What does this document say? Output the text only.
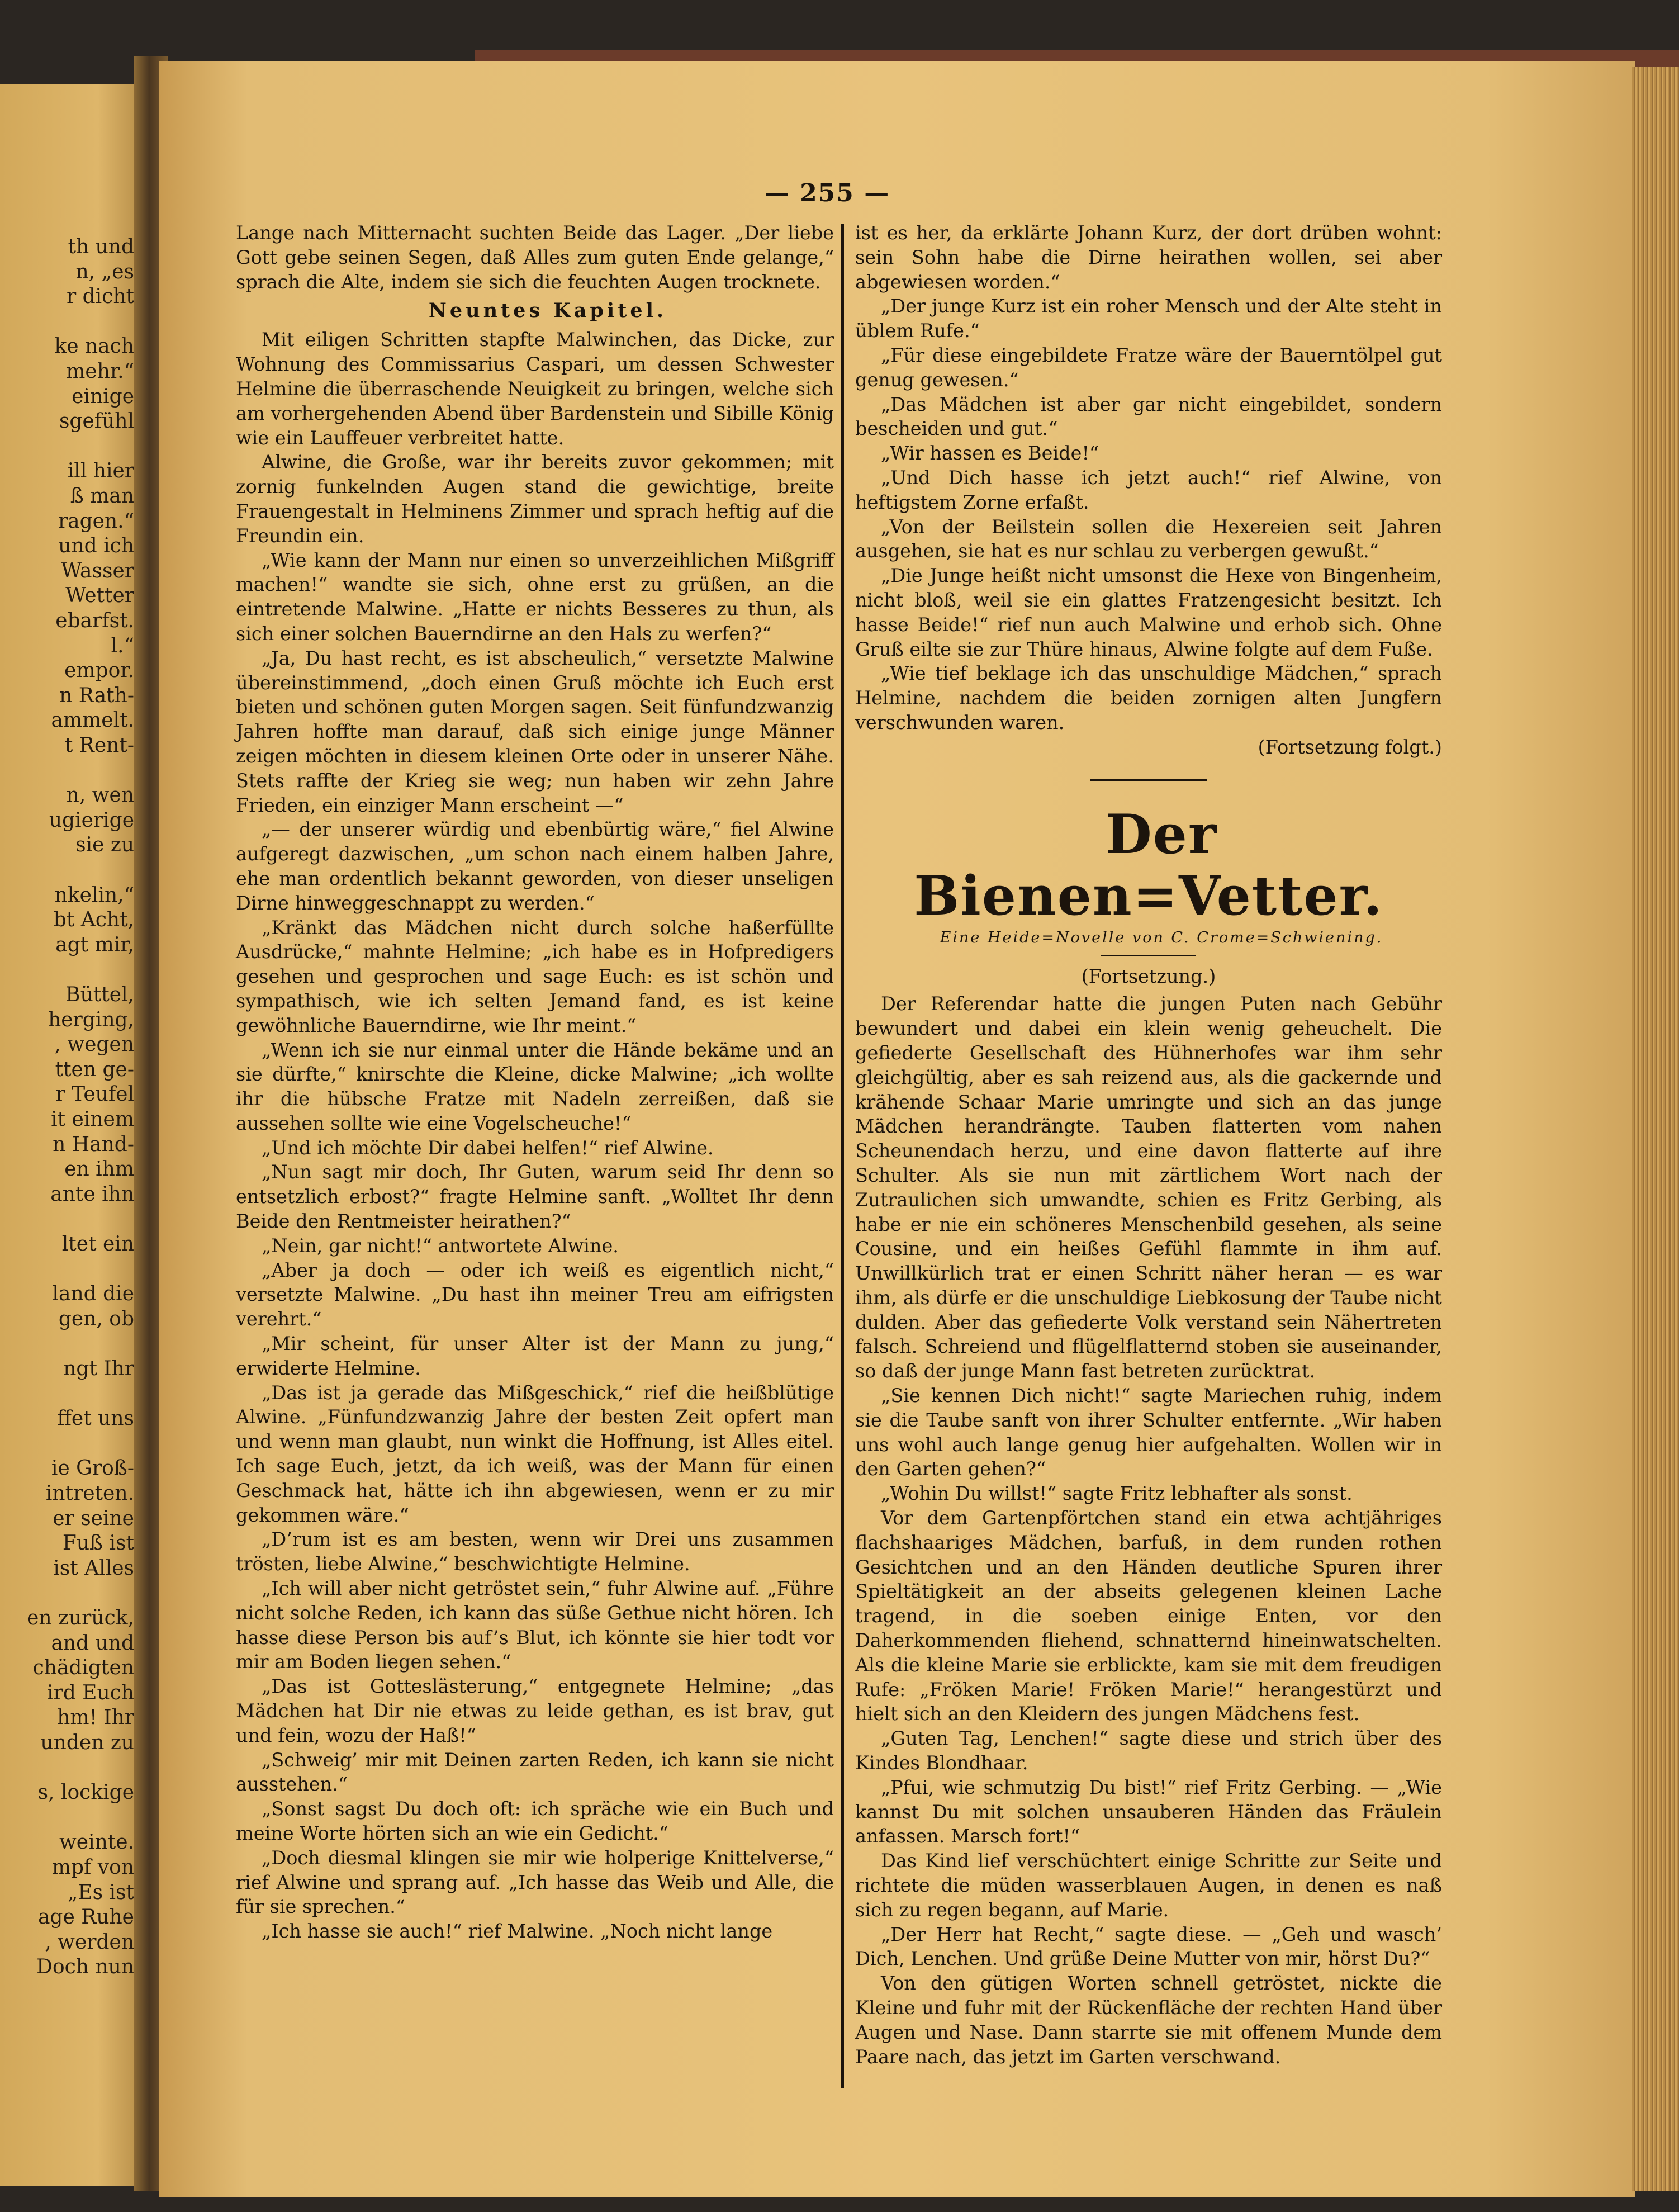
th und
n, „es
r dicht
ke nach
mehr.“
einige
sgefühl
ill hier
ß man
ragen.“
und ich
Wasser
Wetter
ebarfst.
l.“
empor.
n Rath-
ammelt.
t Rent-
n, wen
ugierige
sie zu
nkelin,“
bt Acht,
agt mir,
Büttel,
herging,
, wegen
tten ge-
r Teufel
it einem
n Hand-
en ihm
ante ihn
ltet ein
land die
gen, ob
ngt Ihr
ffet uns
ie Groß-
intreten.
er seine
Fuß ist
ist Alles
en zurück,
and und
chädigten
ird Euch
hm! Ihr
unden zu
s, lockige
weinte.
mpf von
„Es ist
age Ruhe
, werden
Doch nun
— 255 —

Lange nach Mitternacht suchten Beide das Lager. „Der liebe Gott gebe seinen Segen, daß Alles zum guten Ende gelange,“ sprach die Alte, indem sie sich die feuchten Augen trocknete.

Neuntes Kapitel.

Mit eiligen Schritten stapfte Malwinchen, das Dicke, zur Wohnung des Commissarius Caspari, um dessen Schwester Helmine die überraschende Neuigkeit zu bringen, welche sich am vorhergehenden Abend über Bardenstein und Sibille König wie ein Lauffeuer verbreitet hatte.

Alwine, die Große, war ihr bereits zuvor gekommen; mit zornig funkelnden Augen stand die gewichtige, breite Frauengestalt in Helminens Zimmer und sprach heftig auf die Freundin ein.

„Wie kann der Mann nur einen so unverzeihlichen Mißgriff machen!“ wandte sie sich, ohne erst zu grüßen, an die eintretende Malwine. „Hatte er nichts Besseres zu thun, als sich einer solchen Bauerndirne an den Hals zu werfen?“

„Ja, Du hast recht, es ist abscheulich,“ versetzte Malwine übereinstimmend, „doch einen Gruß möchte ich Euch erst bieten und schönen guten Morgen sagen. Seit fünfundzwanzig Jahren hoffte man darauf, daß sich einige junge Männer zeigen möchten in diesem kleinen Orte oder in unserer Nähe. Stets raffte der Krieg sie weg; nun haben wir zehn Jahre Frieden, ein einziger Mann erscheint —“

„— der unserer würdig und ebenbürtig wäre,“ fiel Alwine aufgeregt dazwischen, „um schon nach einem halben Jahre, ehe man ordentlich bekannt geworden, von dieser unseligen Dirne hinweggeschnappt zu werden.“

„Kränkt das Mädchen nicht durch solche haßerfüllte Ausdrücke,“ mahnte Helmine; „ich habe es in Hofpredigers gesehen und gesprochen und sage Euch: es ist schön und sympathisch, wie ich selten Jemand fand, es ist keine gewöhnliche Bauerndirne, wie Ihr meint.“

„Wenn ich sie nur einmal unter die Hände bekäme und an sie dürfte,“ knirschte die Kleine, dicke Malwine; „ich wollte ihr die hübsche Fratze mit Nadeln zerreißen, daß sie aussehen sollte wie eine Vogelscheuche!“

„Und ich möchte Dir dabei helfen!“ rief Alwine.

„Nun sagt mir doch, Ihr Guten, warum seid Ihr denn so entsetzlich erbost?“ fragte Helmine sanft. „Wolltet Ihr denn Beide den Rentmeister heirathen?“

„Nein, gar nicht!“ antwortete Alwine.

„Aber ja doch — oder ich weiß es eigentlich nicht,“ versetzte Malwine. „Du hast ihn meiner Treu am eifrigsten verehrt.“

„Mir scheint, für unser Alter ist der Mann zu jung,“ erwiderte Helmine.

„Das ist ja gerade das Mißgeschick,“ rief die heißblütige Alwine. „Fünfundzwanzig Jahre der besten Zeit opfert man und wenn man glaubt, nun winkt die Hoffnung, ist Alles eitel. Ich sage Euch, jetzt, da ich weiß, was der Mann für einen Geschmack hat, hätte ich ihn abgewiesen, wenn er zu mir gekommen wäre.“

„D’rum ist es am besten, wenn wir Drei uns zusammen trösten, liebe Alwine,“ beschwichtigte Helmine.

„Ich will aber nicht getröstet sein,“ fuhr Alwine auf. „Führe nicht solche Reden, ich kann das süße Gethue nicht hören. Ich hasse diese Person bis auf’s Blut, ich könnte sie hier todt vor mir am Boden liegen sehen.“

„Das ist Gotteslästerung,“ entgegnete Helmine; „das Mädchen hat Dir nie etwas zu leide gethan, es ist brav, gut und fein, wozu der Haß!“

„Schweig’ mir mit Deinen zarten Reden, ich kann sie nicht ausstehen.“

„Sonst sagst Du doch oft: ich spräche wie ein Buch und meine Worte hörten sich an wie ein Gedicht.“

„Doch diesmal klingen sie mir wie holperige Knittelverse,“ rief Alwine und sprang auf. „Ich hasse das Weib und Alle, die für sie sprechen.“

„Ich hasse sie auch!“ rief Malwine. „Noch nicht lange

ist es her, da erklärte Johann Kurz, der dort drüben wohnt: sein Sohn habe die Dirne heirathen wollen, sei aber abgewiesen worden.“

„Der junge Kurz ist ein roher Mensch und der Alte steht in üblem Rufe.“

„Für diese eingebildete Fratze wäre der Bauerntölpel gut genug gewesen.“

„Das Mädchen ist aber gar nicht eingebildet, sondern bescheiden und gut.“

„Wir hassen es Beide!“

„Und Dich hasse ich jetzt auch!“ rief Alwine, von heftigstem Zorne erfaßt.

„Von der Beilstein sollen die Hexereien seit Jahren ausgehen, sie hat es nur schlau zu verbergen gewußt.“

„Die Junge heißt nicht umsonst die Hexe von Bingenheim, nicht bloß, weil sie ein glattes Fratzengesicht besitzt. Ich hasse Beide!“ rief nun auch Malwine und erhob sich. Ohne Gruß eilte sie zur Thüre hinaus, Alwine folgte auf dem Fuße.

„Wie tief beklage ich das unschuldige Mädchen,“ sprach Helmine, nachdem die beiden zornigen alten Jungfern verschwunden waren.

(Fortsetzung folgt.)

Der Bienen=Vetter.

Eine Heide=Novelle von C. Crome=Schwiening.

(Fortsetzung.)

Der Referendar hatte die jungen Puten nach Gebühr bewundert und dabei ein klein wenig geheuchelt. Die gefiederte Gesellschaft des Hühnerhofes war ihm sehr gleichgültig, aber es sah reizend aus, als die gackernde und krähende Schaar Marie umringte und sich an das junge Mädchen herandrängte. Tauben flatterten vom nahen Scheunendach herzu, und eine davon flatterte auf ihre Schulter. Als sie nun mit zärtlichem Wort nach der Zutraulichen sich umwandte, schien es Fritz Gerbing, als habe er nie ein schöneres Menschenbild gesehen, als seine Cousine, und ein heißes Gefühl flammte in ihm auf. Unwillkürlich trat er einen Schritt näher heran — es war ihm, als dürfe er die unschuldige Liebkosung der Taube nicht dulden. Aber das gefiederte Volk verstand sein Nähertreten falsch. Schreiend und flügelflatternd stoben sie auseinander, so daß der junge Mann fast betreten zurücktrat.

„Sie kennen Dich nicht!“ sagte Mariechen ruhig, indem sie die Taube sanft von ihrer Schulter entfernte. „Wir haben uns wohl auch lange genug hier aufgehalten. Wollen wir in den Garten gehen?“

„Wohin Du willst!“ sagte Fritz lebhafter als sonst.

Vor dem Gartenpförtchen stand ein etwa achtjähriges flachshaariges Mädchen, barfuß, in dem runden rothen Gesichtchen und an den Händen deutliche Spuren ihrer Spieltätigkeit an der abseits gelegenen kleinen Lache tragend, in die soeben einige Enten, vor den Daherkommenden fliehend, schnatternd hineinwatschelten. Als die kleine Marie sie erblickte, kam sie mit dem freudigen Rufe: „Fröken Marie! Fröken Marie!“ herangestürzt und hielt sich an den Kleidern des jungen Mädchens fest.

„Guten Tag, Lenchen!“ sagte diese und strich über des Kindes Blondhaar.

„Pfui, wie schmutzig Du bist!“ rief Fritz Gerbing. — „Wie kannst Du mit solchen unsauberen Händen das Fräulein anfassen. Marsch fort!“

Das Kind lief verschüchtert einige Schritte zur Seite und richtete die müden wasserblauen Augen, in denen es naß sich zu regen begann, auf Marie.

„Der Herr hat Recht,“ sagte diese. — „Geh und wasch’ Dich, Lenchen. Und grüße Deine Mutter von mir, hörst Du?“

Von den gütigen Worten schnell getröstet, nickte die Kleine und fuhr mit der Rückenfläche der rechten Hand über Augen und Nase. Dann starrte sie mit offenem Munde dem Paare nach, das jetzt im Garten verschwand.
